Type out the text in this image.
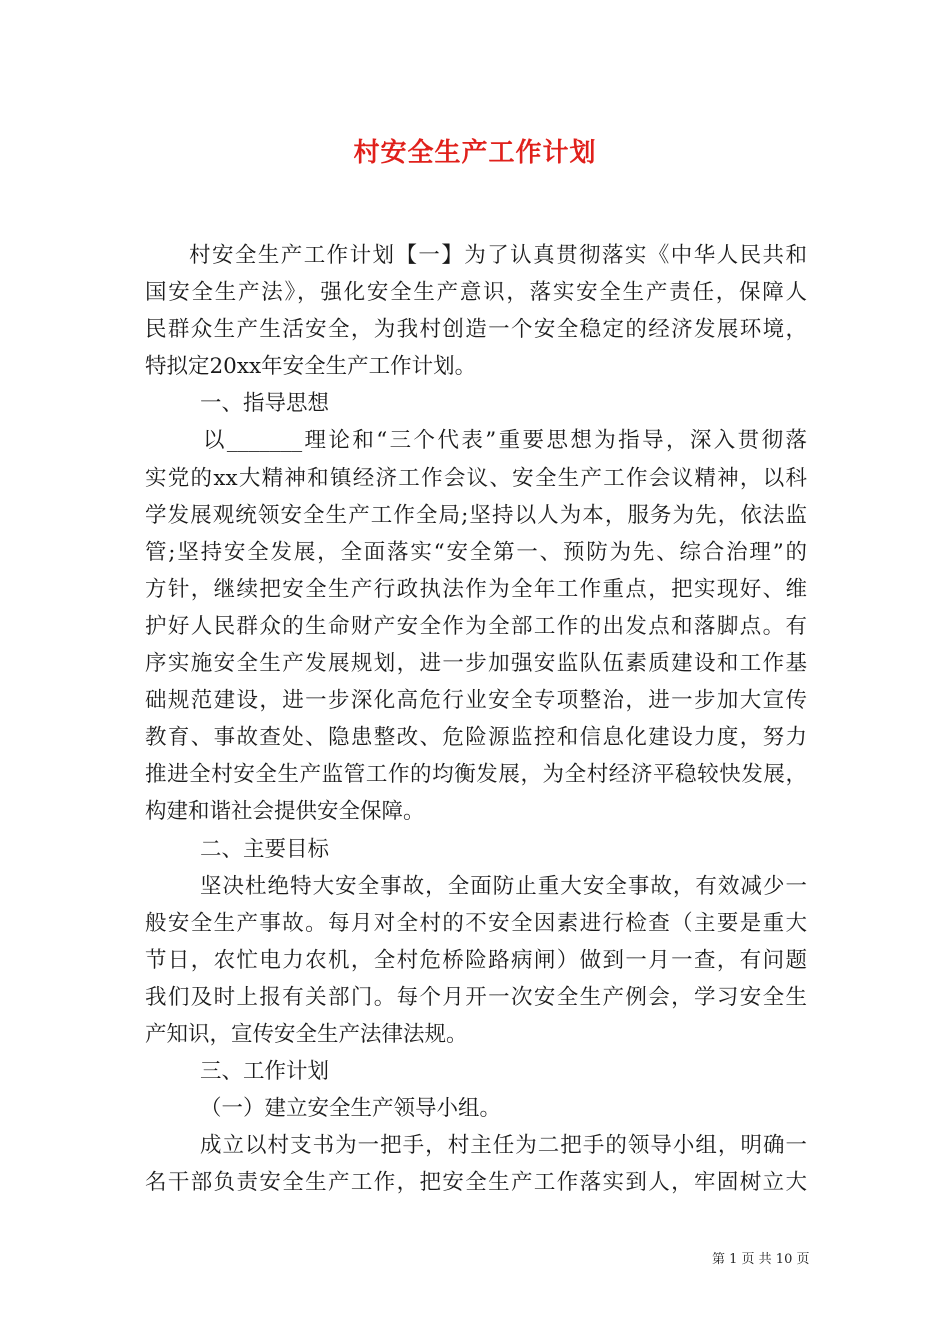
村安全生产工作计划
村安全生产工作计划【一】为了认真贯彻落实《中华人民共和
国安全生产法》，强化安全生产意识，落实安全生产责任，保障人
民群众生产生活安全，为我村创造一个安全稳定的经济发展环境，
特拟定20xx年安全生产工作计划。
一、指导思想
以_______理论和“三个代表”重要思想为指导，深入贯彻落
实党的xx大精神和镇经济工作会议、安全生产工作会议精神，以科
学发展观统领安全生产工作全局;坚持以人为本，服务为先，依法监
管;坚持安全发展，全面落实“安全第一、预防为先、综合治理”的
方针，继续把安全生产行政执法作为全年工作重点，把实现好、维
护好人民群众的生命财产安全作为全部工作的出发点和落脚点。有
序实施安全生产发展规划，进一步加强安监队伍素质建设和工作基
础规范建设，进一步深化高危行业安全专项整治，进一步加大宣传
教育、事故查处、隐患整改、危险源监控和信息化建设力度，努力
推进全村安全生产监管工作的均衡发展，为全村经济平稳较快发展，
构建和谐社会提供安全保障。
二、主要目标
坚决杜绝特大安全事故，全面防止重大安全事故，有效减少一
般安全生产事故。每月对全村的不安全因素进行检查（主要是重大
节日，农忙电力农机，全村危桥险路病闸）做到一月一查，有问题
我们及时上报有关部门。每个月开一次安全生产例会，学习安全生
产知识，宣传安全生产法律法规。
三、工作计划
（一）建立安全生产领导小组。
成立以村支书为一把手，村主任为二把手的领导小组，明确一
名干部负责安全生产工作，把安全生产工作落实到人，牢固树立大
第 1 页 共 10 页
